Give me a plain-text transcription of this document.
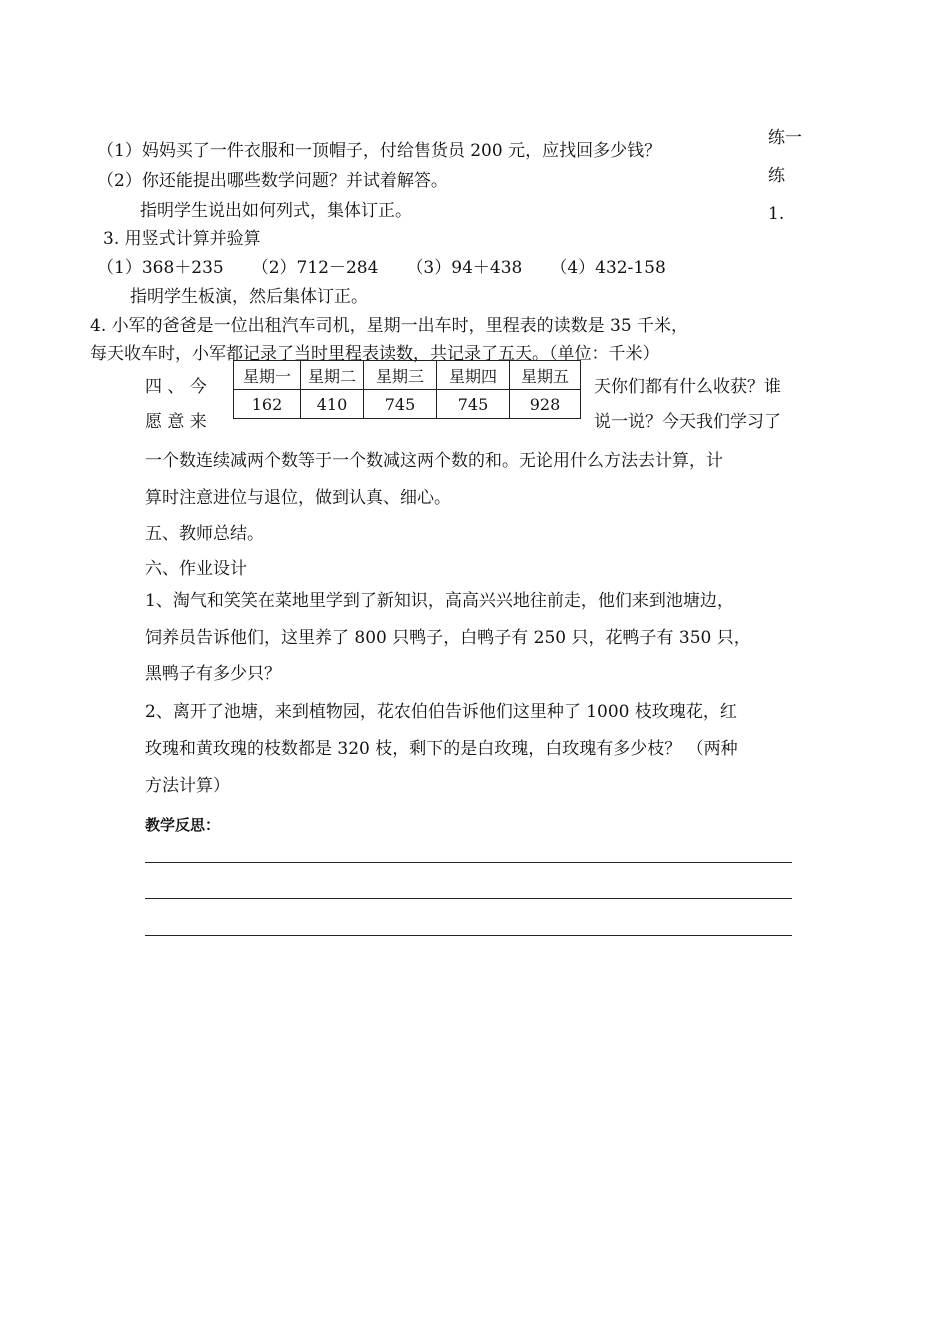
练一
练
1.
（1）妈妈买了一件衣服和一顶帽子，付给售货员 200 元，应找回多少钱？
（2）你还能提出哪些数学问题？并试着解答。
指明学生说出如何列式，集体订正。
3. 用竖式计算并验算
（1）368＋235 （2）712－284 （3）94＋438 （4）432-158
指明学生板演，然后集体订正。
4. 小军的爸爸是一位出租汽车司机，星期一出车时，里程表的读数是 35 千米，
每天收车时，小军都记录了当时里程表读数，共记录了五天。（单位：千米）
星期一	星期二	星期三	星期四	星期五
162	410	745	745	928
四 、 今
愿 意 来
天你们都有什么收获？谁
说一说？今天我们学习了
一个数连续减两个数等于一个数减这两个数的和。无论用什么方法去计算，计
算时注意进位与退位，做到认真、细心。
五、教师总结。
六、作业设计
1、淘气和笑笑在菜地里学到了新知识，高高兴兴地往前走，他们来到池塘边，
饲养员告诉他们，这里养了 800 只鸭子，白鸭子有 250 只，花鸭子有 350 只，
黑鸭子有多少只？
2、离开了池塘，来到植物园，花农伯伯告诉他们这里种了 1000 枝玫瑰花，红
玫瑰和黄玫瑰的枝数都是 320 枝，剩下的是白玫瑰，白玫瑰有多少枝？ （两种
方法计算）
教学反思：
